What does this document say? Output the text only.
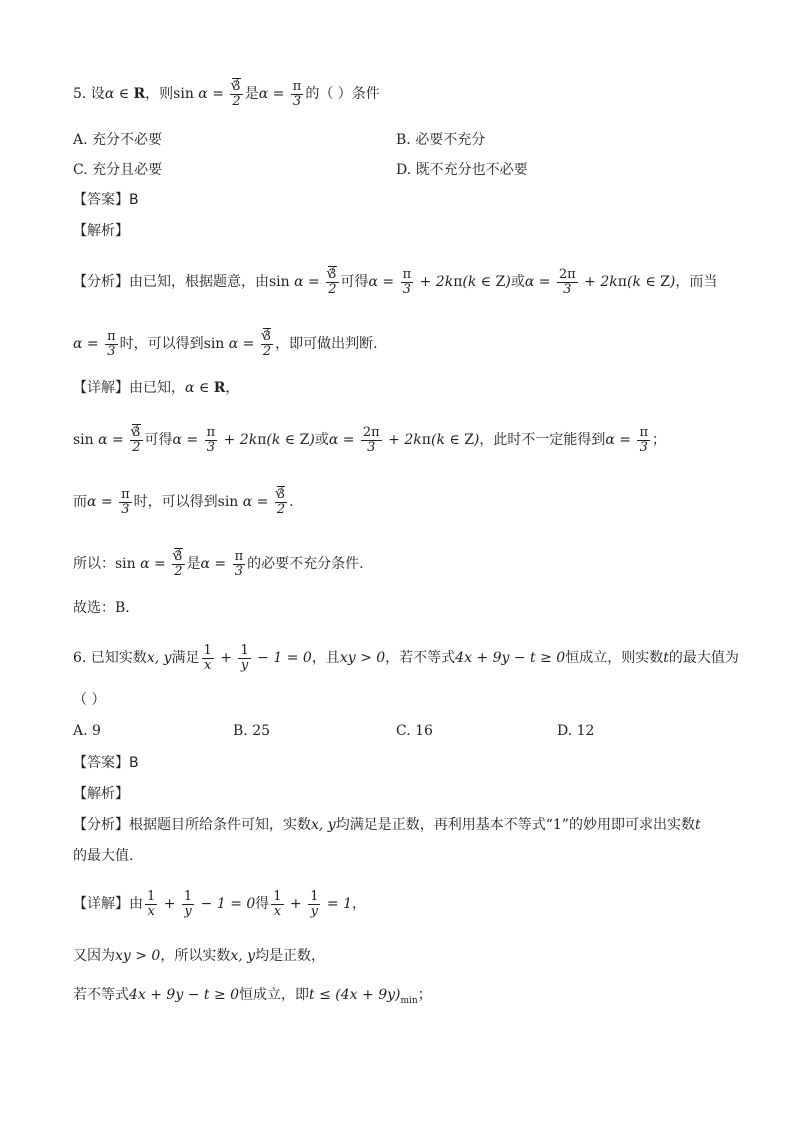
5. 设α ∈ R，则sin α = √ $\frac{3}{2}$ 是$\alpha = \frac{\pi}{3}$ 的（ ）条件
A. 充分不必要	B. 必要不充分
C. 充分且必要	D. 既不充分也不必要
【答案】B
【解析】
【分析】由已知，根据题意，由sin α = √ $\frac{3}{2}$ 可得$\alpha = \frac{\pi}{3} + 2k\pi(k$ ∈ Z)或$\alpha = \frac{2\pi}{3} + 2k\pi(k$ ∈ Z)，而当
$\alpha = \frac{\pi}{3}$ 时，可以得到sin α = √ $\frac{3}{2}$ ，即可做出判断.
【详解】由已知，α ∈ R，
sin α = √ $\frac{3}{2}$ 可得$\alpha = \frac{\pi}{3} + 2k\pi(k$ ∈ Z)或$\alpha = \frac{2\pi}{3} + 2k\pi(k$ ∈ Z)，此时不一定能得到$\alpha = \frac{\pi}{3}$ ；
而$\alpha = \frac{\pi}{3}$ 时，可以得到sin α = √ $\frac{3}{2}$ .
所以：sin α = √ $\frac{3}{2}$ 是$\alpha = \frac{\pi}{3}$ 的必要不充分条件.
故选：B.
6. 已知实数x, y满足 $\frac{1}{x} + \frac{1}{y} - 1 = 0$，且xy > 0，若不等式4x + 9y − t ≥ 0恒成立，则实数t的最大值为
（ ）
A. 9	B. 25	C. 16	D. 12
【答案】B
【解析】
【分析】根据题目所给条件可知，实数x, y均满足是正数，再利用基本不等式“1”的妙用即可求出实数t
的最大值.
【详解】由 $\frac{1}{x} + \frac{1}{y} - 1 = 0$得 $\frac{1}{x} + \frac{1}{y} = 1$，
又因为xy > 0，所以实数x, y均是正数，
若不等式4x + 9y − t ≥ 0恒成立，即$t \le (4x + 9y)_{min}$；
